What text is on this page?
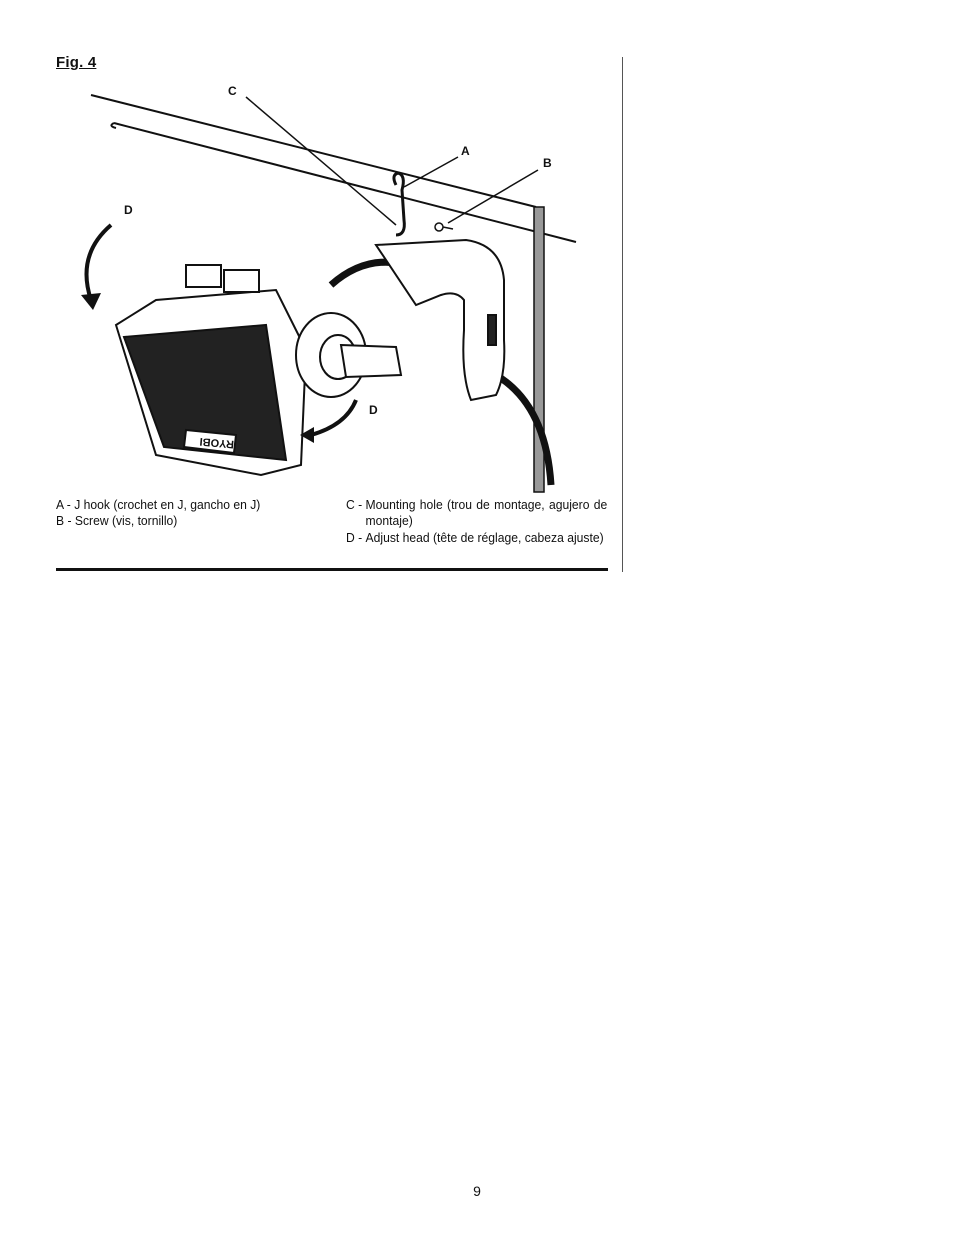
Fig. 4
RYOBI
C
A
B
D
D
A - J hook (crochet en J, gancho en J)
B - Screw (vis, tornillo)
C - Mounting hole (trou de montage, agujero de montaje)
D - Adjust head (tête de réglage, cabeza ajuste)
9
